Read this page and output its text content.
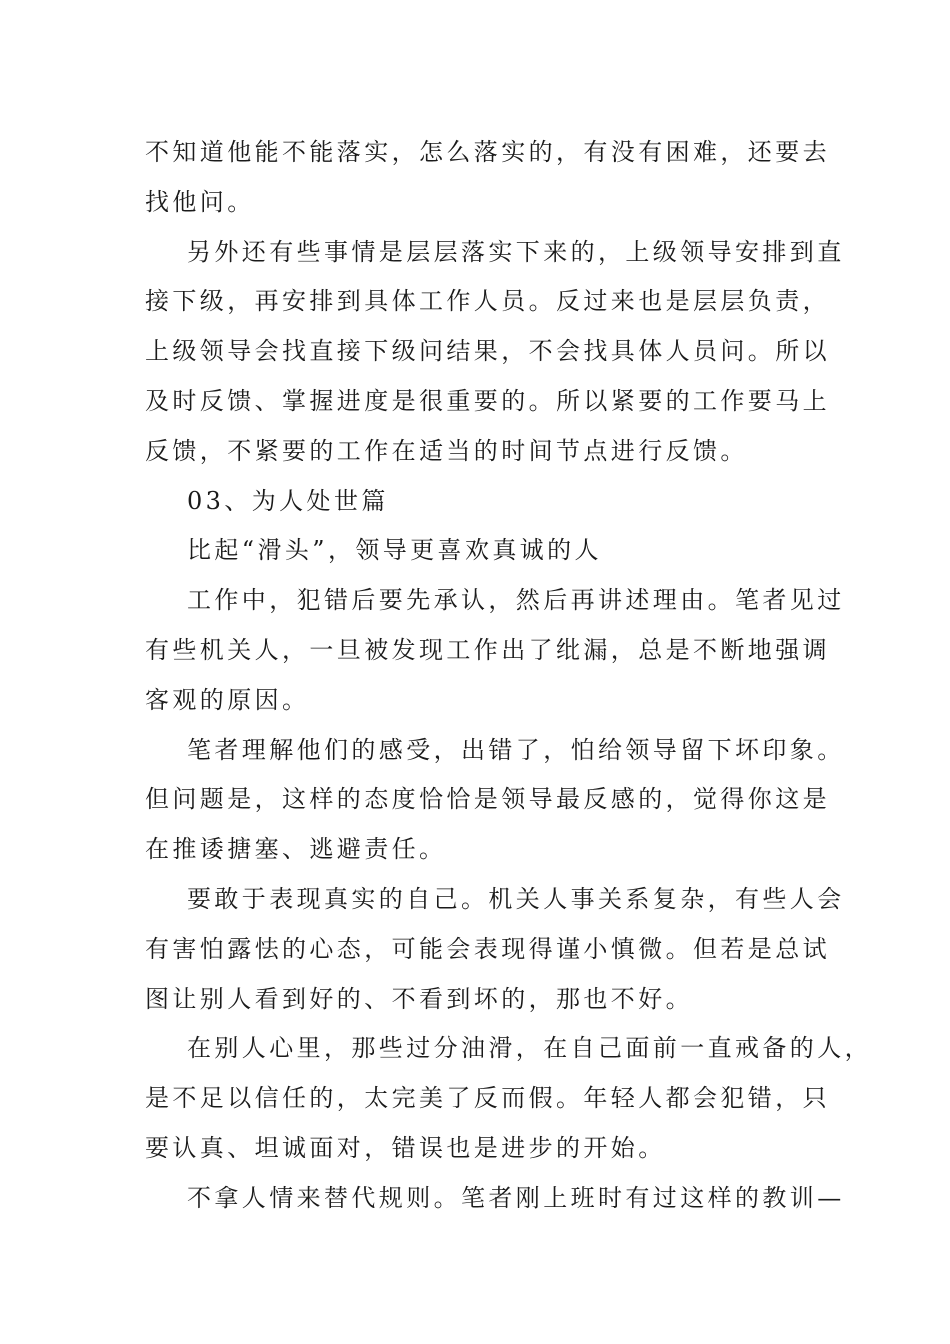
不知道他能不能落实，怎么落实的，有没有困难，还要去
找他问。
另外还有些事情是层层落实下来的，上级领导安排到直
接下级，再安排到具体工作人员。反过来也是层层负责，
上级领导会找直接下级问结果，不会找具体人员问。所以
及时反馈、掌握进度是很重要的。所以紧要的工作要马上
反馈，不紧要的工作在适当的时间节点进行反馈。
03、为人处世篇
比起“滑头”，领导更喜欢真诚的人
工作中，犯错后要先承认，然后再讲述理由。笔者见过
有些机关人，一旦被发现工作出了纰漏，总是不断地强调
客观的原因。
笔者理解他们的感受，出错了，怕给领导留下坏印象。
但问题是，这样的态度恰恰是领导最反感的，觉得你这是
在推诿搪塞、逃避责任。
要敢于表现真实的自己。机关人事关系复杂，有些人会
有害怕露怯的心态，可能会表现得谨小慎微。但若是总试
图让别人看到好的、不看到坏的，那也不好。
在别人心里，那些过分油滑，在自己面前一直戒备的人，
是不足以信任的，太完美了反而假。年轻人都会犯错，只
要认真、坦诚面对，错误也是进步的开始。
不拿人情来替代规则。笔者刚上班时有过这样的教训—
